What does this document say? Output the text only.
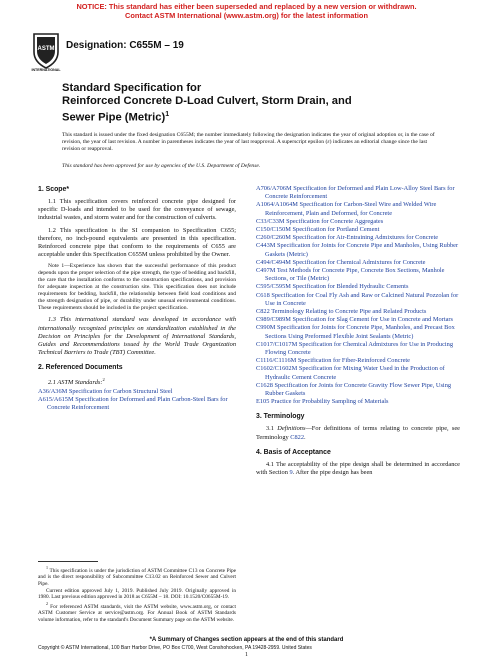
NOTICE: This standard has either been superseded and replaced by a new version or withdrawn.
Contact ASTM International (www.astm.org) for the latest information
ASTM
INTERNATIONAL
Designation: C655M – 19
Standard Specification for
Reinforced Concrete D-Load Culvert, Storm Drain, and
Sewer Pipe (Metric)$^1$
This standard is issued under the fixed designation C655M; the number immediately following the designation indicates the year of original adoption or, in the case of revision, the year of last revision. A number in parentheses indicates the year of last reapproval. A superscript epsilon (ε) indicates an editorial change since the last revision or reapproval.
This standard has been approved for use by agencies of the U.S. Department of Defense.
1. Scope*

1.1 This specification covers reinforced concrete pipe designed for specific D-loads and intended to be used for the conveyance of sewage, industrial wastes, and storm water and for the construction of culverts.

1.2 This specification is the SI companion to Specification C655; therefore, no inch-pound equivalents are presented in this specification. Reinforced concrete pipe that conform to the requirements of C655 are acceptable under this Specification C655M unless prohibited by the Owner.

Note 1—Experience has shown that the successful performance of this product depends upon the proper selection of the pipe strength, the type of bedding and backfill, the care that the installation conforms to the construction specifications, and provision for adequate inspection at the construction site. This specification does not include requirements for bedding, backfill, the relationship between field load conditions and the strength designation of pipe, or durability under unusual environmental conditions. These requirements should be included in the project specification.

1.3 This international standard was developed in accordance with internationally recognized principles on standardization established in the Decision on Principles for the Development of International Standards, Guides and Recommendations issued by the World Trade Organization Technical Barriers to Trade (TBT) Committee.

2. Referenced Documents

2.1 ASTM Standards:$^2$

A36/A36M Specification for Carbon Structural Steel

A615/A615M Specification for Deformed and Plain Carbon-Steel Bars for Concrete Reinforcement

A706/A706M Specification for Deformed and Plain Low-Alloy Steel Bars for Concrete Reinforcement

A1064/A1064M Specification for Carbon-Steel Wire and Welded Wire Reinforcement, Plain and Deformed, for Concrete

C33/C33M Specification for Concrete Aggregates

C150/C150M Specification for Portland Cement

C260/C260M Specification for Air-Entraining Admixtures for Concrete

C443M Specification for Joints for Concrete Pipe and Manholes, Using Rubber Gaskets (Metric)

C494/C494M Specification for Chemical Admixtures for Concrete

C497M Test Methods for Concrete Pipe, Concrete Box Sections, Manhole Sections, or Tile (Metric)

C595/C595M Specification for Blended Hydraulic Cements

C618 Specification for Coal Fly Ash and Raw or Calcined Natural Pozzolan for Use in Concrete

C822 Terminology Relating to Concrete Pipe and Related Products

C989/C989M Specification for Slag Cement for Use in Concrete and Mortars

C990M Specification for Joints for Concrete Pipe, Manholes, and Precast Box Sections Using Preformed Flexible Joint Sealants (Metric)

C1017/C1017M Specification for Chemical Admixtures for Use in Producing Flowing Concrete

C1116/C1116M Specification for Fiber-Reinforced Concrete

C1602/C1602M Specification for Mixing Water Used in the Production of Hydraulic Cement Concrete

C1628 Specification for Joints for Concrete Gravity Flow Sewer Pipe, Using Rubber Gaskets

E105 Practice for Probability Sampling of Materials

3. Terminology

3.1 Definitions—For definitions of terms relating to concrete pipe, see Terminology C822.

4. Basis of Acceptance

4.1 The acceptability of the pipe design shall be determined in accordance with Section 9. After the pipe design has been

$^1$ This specification is under the jurisdiction of ASTM Committee C13 on Concrete Pipe and is the direct responsibility of Subcommittee C13.02 on Reinforced Sewer and Culvert Pipe.

Current edition approved July 1, 2019. Published July 2019. Originally approved in 1980. Last previous edition approved in 2018 as C655M – 18. DOI: 10.1520/C0655M-19.

$^2$ For referenced ASTM standards, visit the ASTM website, www.astm.org, or contact ASTM Customer Service at service@astm.org. For Annual Book of ASTM Standards volume information, refer to the standard's Document Summary page on the ASTM website.

*A Summary of Changes section appears at the end of this standard
Copyright © ASTM International, 100 Barr Harbor Drive, PO Box C700, West Conshohocken, PA 19428-2959. United States
1
